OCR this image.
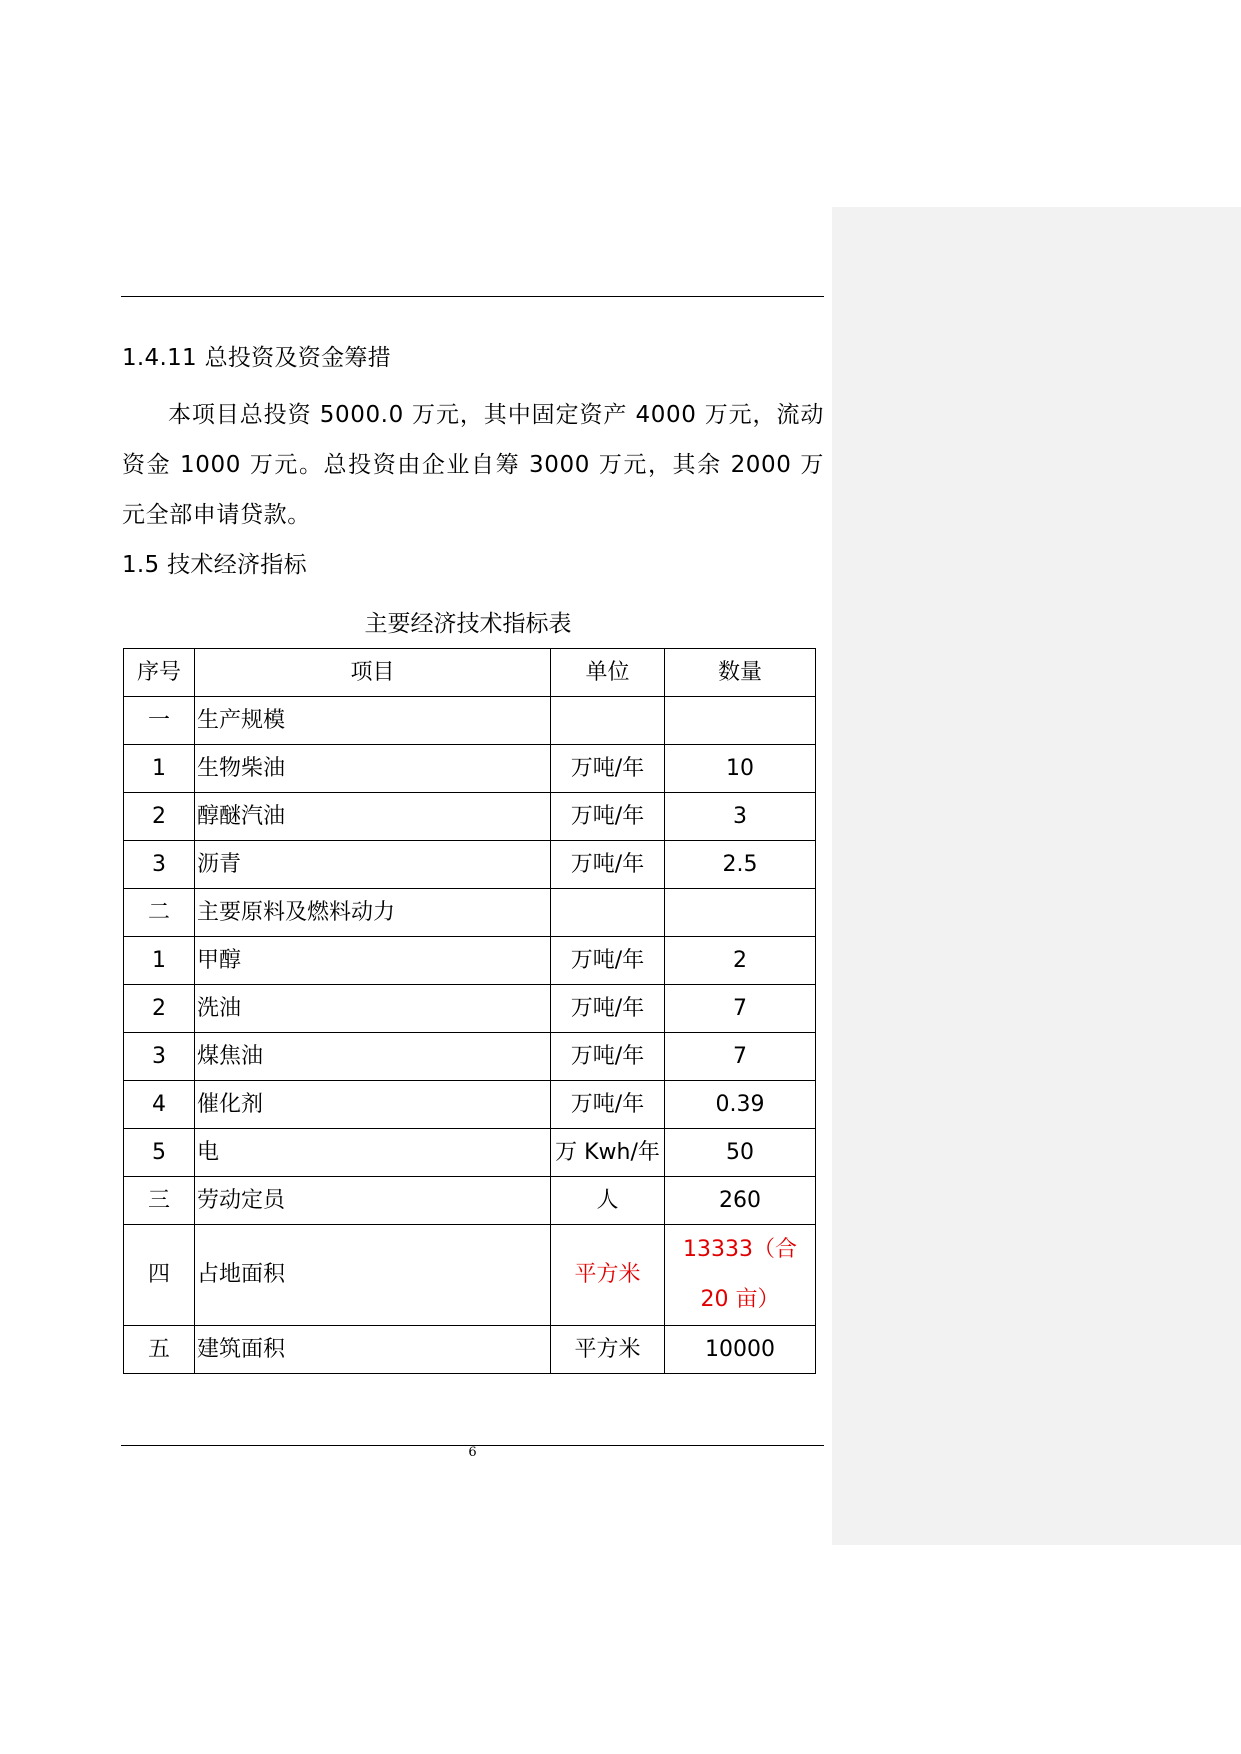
1.4.11 总投资及资金筹措
本项目总投资 5000.0 万元，其中固定资产 4000 万元，流动资金 1000 万元。总投资由企业自筹 3000 万元，其余 2000 万元全部申请贷款。
1.5 技术经济指标
主要经济技术指标表
序号	项目	单位	数量
一	生产规模		
1	生物柴油	万吨/年	10
2	醇醚汽油	万吨/年	3
3	沥青	万吨/年	2.5
二	主要原料及燃料动力		
1	甲醇	万吨/年	2
2	洗油	万吨/年	7
3	煤焦油	万吨/年	7
4	催化剂	万吨/年	0.39
5	电	万 Kwh/年	50
三	劳动定员	人	260
四	占地面积	平方米	13333（合 20 亩）

五	建筑面积	平方米	10000
6
